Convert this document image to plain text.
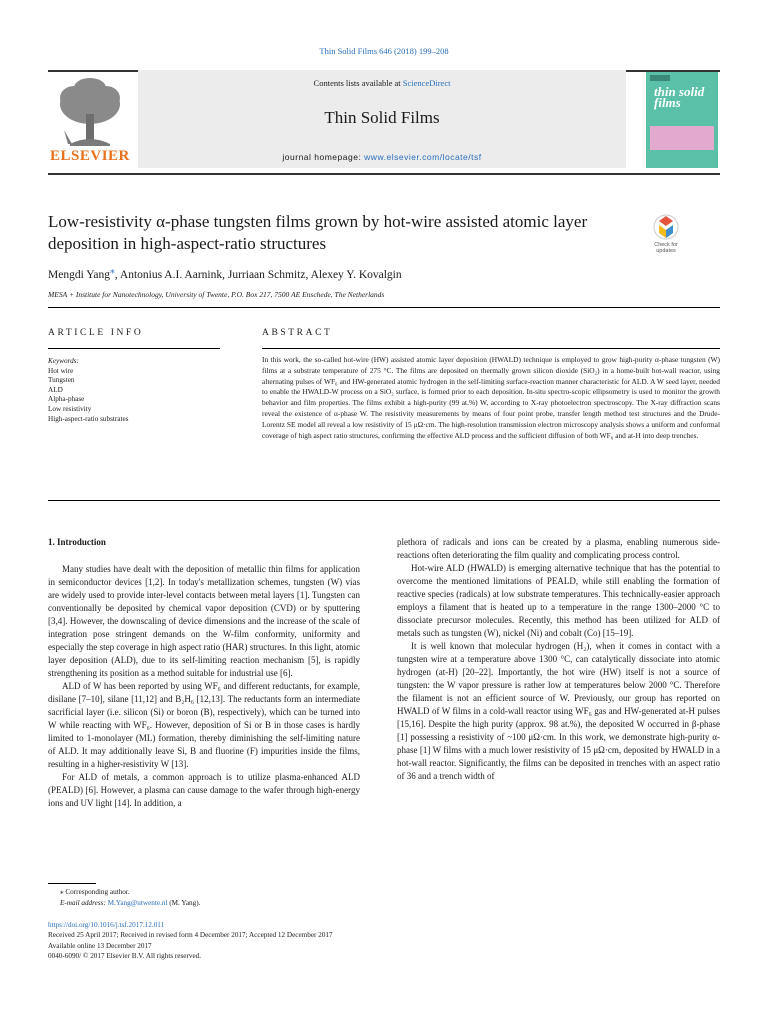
Thin Solid Films 646 (2018) 199–208
Contents lists available at ScienceDirect
Thin Solid Films
journal homepage: www.elsevier.com/locate/tsf
ELSEVIER
thin solid films
Low-resistivity α-phase tungsten films grown by hot-wire assisted atomic layer deposition in high-aspect-ratio structures	Check for
updates
Mengdi Yang⁎, Antonius A.I. Aarnink, Jurriaan Schmitz, Alexey Y. Kovalgin
MESA + Institute for Nanotechnology, University of Twente, P.O. Box 217, 7500 AE Enschede, The Netherlands
ARTICLE INFO	ABSTRACT
Keywords:
Hot wire
Tungsten
ALD
Alpha-phase
Low resistivity
High-aspect-ratio substrates
In this work, the so-called hot-wire (HW) assisted atomic layer deposition (HWALD) technique is employed to grow high-purity α-phase tungsten (W) films at a substrate temperature of 275 °C. The films are deposited on thermally grown silicon dioxide (SiO₂) in a home-built hot-wall reactor, using alternating pulses of WF₆ and HW-generated atomic hydrogen in the self-limiting surface-reaction manner characteristic for ALD. A W seed layer, needed to enable the HWALD-W process on a SiO₂ surface, is formed prior to each deposition. In-situ spectro-scopic ellipsometry is used to monitor the growth behavior and film properties. The films exhibit a high-purity (99 at.%) W, according to X-ray photoelectron spectroscopy. The X-ray diffraction scans reveal the existence of α-phase W. The resistivity measurements by means of four point probe, transfer length method test structures and the Drude-Lorentz SE model all reveal a low resistivity of 15 μΩ·cm. The high-resolution transmission electron microscopy analysis shows a uniform and conformal coverage of high aspect ratio structures, confirming the effective ALD process and the sufficient diffusion of both WF₆ and at-H into deep trenches.

1. Introduction

Many studies have dealt with the deposition of metallic thin films for application in semiconductor devices [1,2]. In today's metallization schemes, tungsten (W) vias are widely used to provide inter-level contacts between metal layers [1]. Tungsten can conventionally be deposited by chemical vapor deposition (CVD) or by sputtering [3,4]. However, the downscaling of device dimensions and the increase of the scale of integration pose stringent demands on the W-film conformity, uniformity and especially the step coverage in high aspect ratio (HAR) structures. In this light, atomic layer deposition (ALD), due to its self-limiting reaction mechanism [5], is rapidly strengthening its position as a method suitable for industrial use [6].

ALD of W has been reported by using WF₆ and different reductants, for example, disilane [7–10], silane [11,12] and B₂H₆ [12,13]. The reductants form an intermediate sacrificial layer (i.e. silicon (Si) or boron (B), respectively), which can be turned into W while reacting with WF₆. However, deposition of Si or B in those cases is hardly limited to 1-monolayer (ML) formation, thereby diminishing the self-limiting nature of ALD. It may additionally leave Si, B and fluorine (F) impurities inside the films, resulting in a higher-resistivity W [13].

For ALD of metals, a common approach is to utilize plasma-enhanced ALD (PEALD) [6]. However, a plasma can cause damage to the wafer through high-energy ions and UV light [14]. In addition, a

plethora of radicals and ions can be created by a plasma, enabling numerous side-reactions often deteriorating the film quality and complicating process control.

Hot-wire ALD (HWALD) is emerging alternative technique that has the potential to overcome the mentioned limitations of PEALD, while still enabling the formation of reactive species (radicals) at low substrate temperatures. This technically-easier approach employs a filament that is heated up to a temperature in the range 1300–2000 °C to dissociate precursor molecules. Recently, this method has been utilized for ALD of metals such as tungsten (W), nickel (Ni) and cobalt (Co) [15–19].

It is well known that molecular hydrogen (H₂), when it comes in contact with a tungsten wire at a temperature above 1300 °C, can catalytically dissociate into atomic hydrogen (at-H) [20–22]. Importantly, the hot wire (HW) itself is not a source of tungsten: the W vapor pressure is rather low at temperatures below 2000 °C. Therefore the filament is not an efficient source of W. Previously, our group has reported on HWALD of W films in a cold-wall reactor using WF₆ gas and HW-generated at-H pulses [15,16]. Despite the high purity (approx. 98 at.%), the deposited W occurred in β-phase [1] possessing a resistivity of ~100 μΩ·cm. In this work, we demonstrate high-purity α-phase [1] W films with a much lower resistivity of 15 μΩ·cm, deposited by HWALD in a hot-wall reactor. Significantly, the films can be deposited in trenches with an aspect ratio of 36 and a trench width of

⁎ Corresponding author.
E-mail address: M.Yang@utwente.nl (M. Yang).
https://doi.org/10.1016/j.tsf.2017.12.011
Received 25 April 2017; Received in revised form 4 December 2017; Accepted 12 December 2017
Available online 13 December 2017
0040-6090/ © 2017 Elsevier B.V. All rights reserved.
